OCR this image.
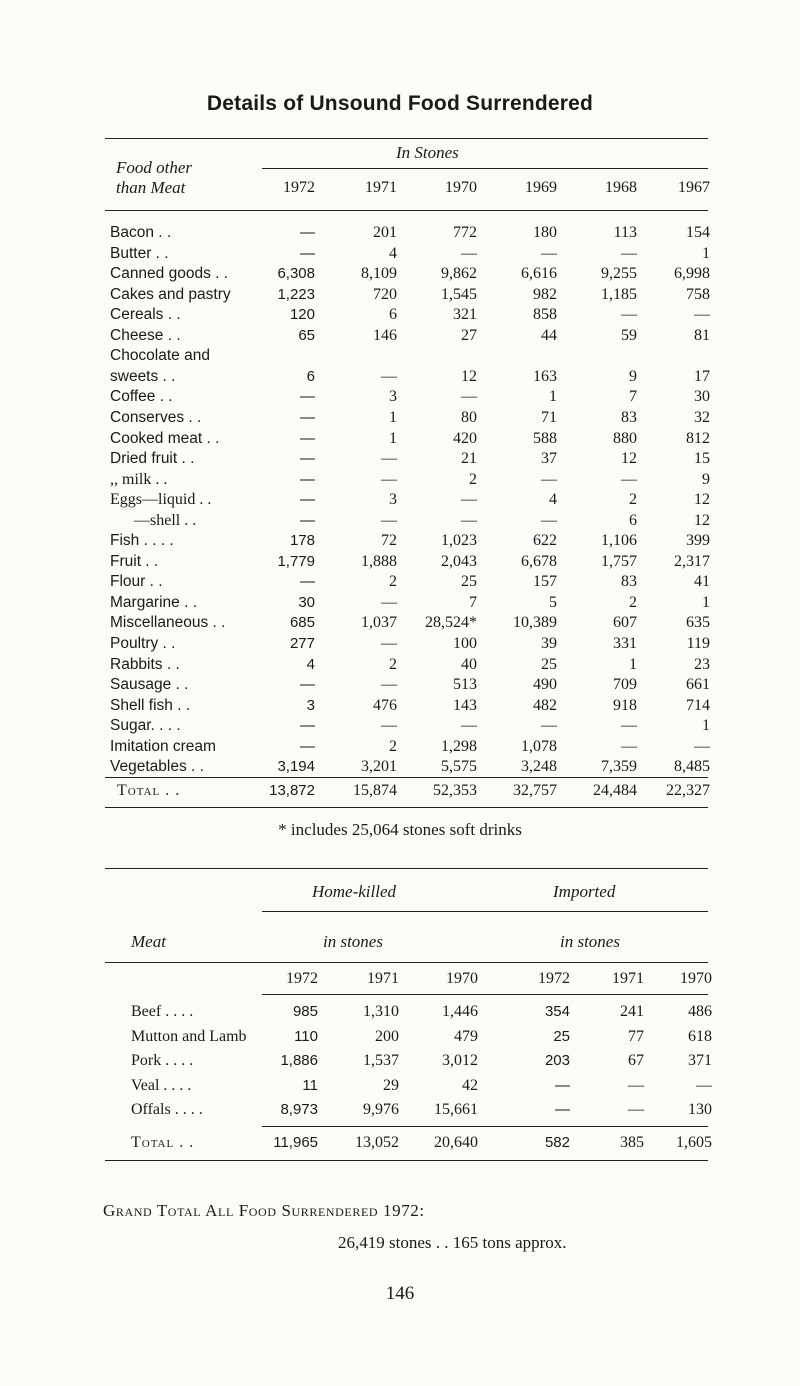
Details of Unsound Food Surrendered
In Stones
Food other
than Meat	1972	1971	1970	1969	1968	1967
Bacon . .	—	201	772	180	113	154
Butter . .	—	4	—	—	—	1
Canned goods . .	6,308	8,109	9,862	6,616	9,255	6,998
Cakes and pastry	1,223	720	1,545	982	1,185	758
Cereals . .	120	6	321	858	—	—
Cheese . .	65	146	27	44	59	81
Chocolate and
sweets . .	6	—	12	163	9	17
Coffee . .	—	3	—	1	7	30
Conserves . .	—	1	80	71	83	32
Cooked meat . .	—	1	420	588	880	812
Dried fruit . .	—	—	21	37	12	15
,, milk . .	—	—	2	—	—	9
Eggs—liquid . .	—	3	—	4	2	12
—shell . .	—	—	—	—	6	12
Fish . . . .	178	72	1,023	622	1,106	399
Fruit . .	1,779	1,888	2,043	6,678	1,757	2,317
Flour . .	—	2	25	157	83	41
Margarine . .	30	—	7	5	2	1
Miscellaneous . .	685	1,037	28,524*	10,389	607	635
Poultry . .	277	—	100	39	331	119
Rabbits . .	4	2	40	25	1	23
Sausage . .	—	—	513	490	709	661
Shell fish . .	3	476	143	482	918	714
Sugar. . . .	—	—	—	—	—	1
Imitation cream	—	2	1,298	1,078	—	—
Vegetables . .	3,194	3,201	5,575	3,248	7,359	8,485
Total . .	13,872	15,874	52,353	32,757	24,484	22,327
* includes 25,064 stones soft drinks
Home-killed	Imported
Meat	in stones	in stones
1972	1971	1970	1972	1971	1970
Beef . . . .	985	1,310	1,446	354	241	486
Mutton and Lamb	110	200	479	25	77	618
Pork . . . .	1,886	1,537	3,012	203	67	371
Veal . . . .	11	29	42	—	—	—
Offals . . . .	8,973	9,976	15,661	—	—	130
Total . .	11,965	13,052	20,640	582	385	1,605
Grand Total All Food Surrendered 1972:
26,419 stones . . 165 tons approx.
146
